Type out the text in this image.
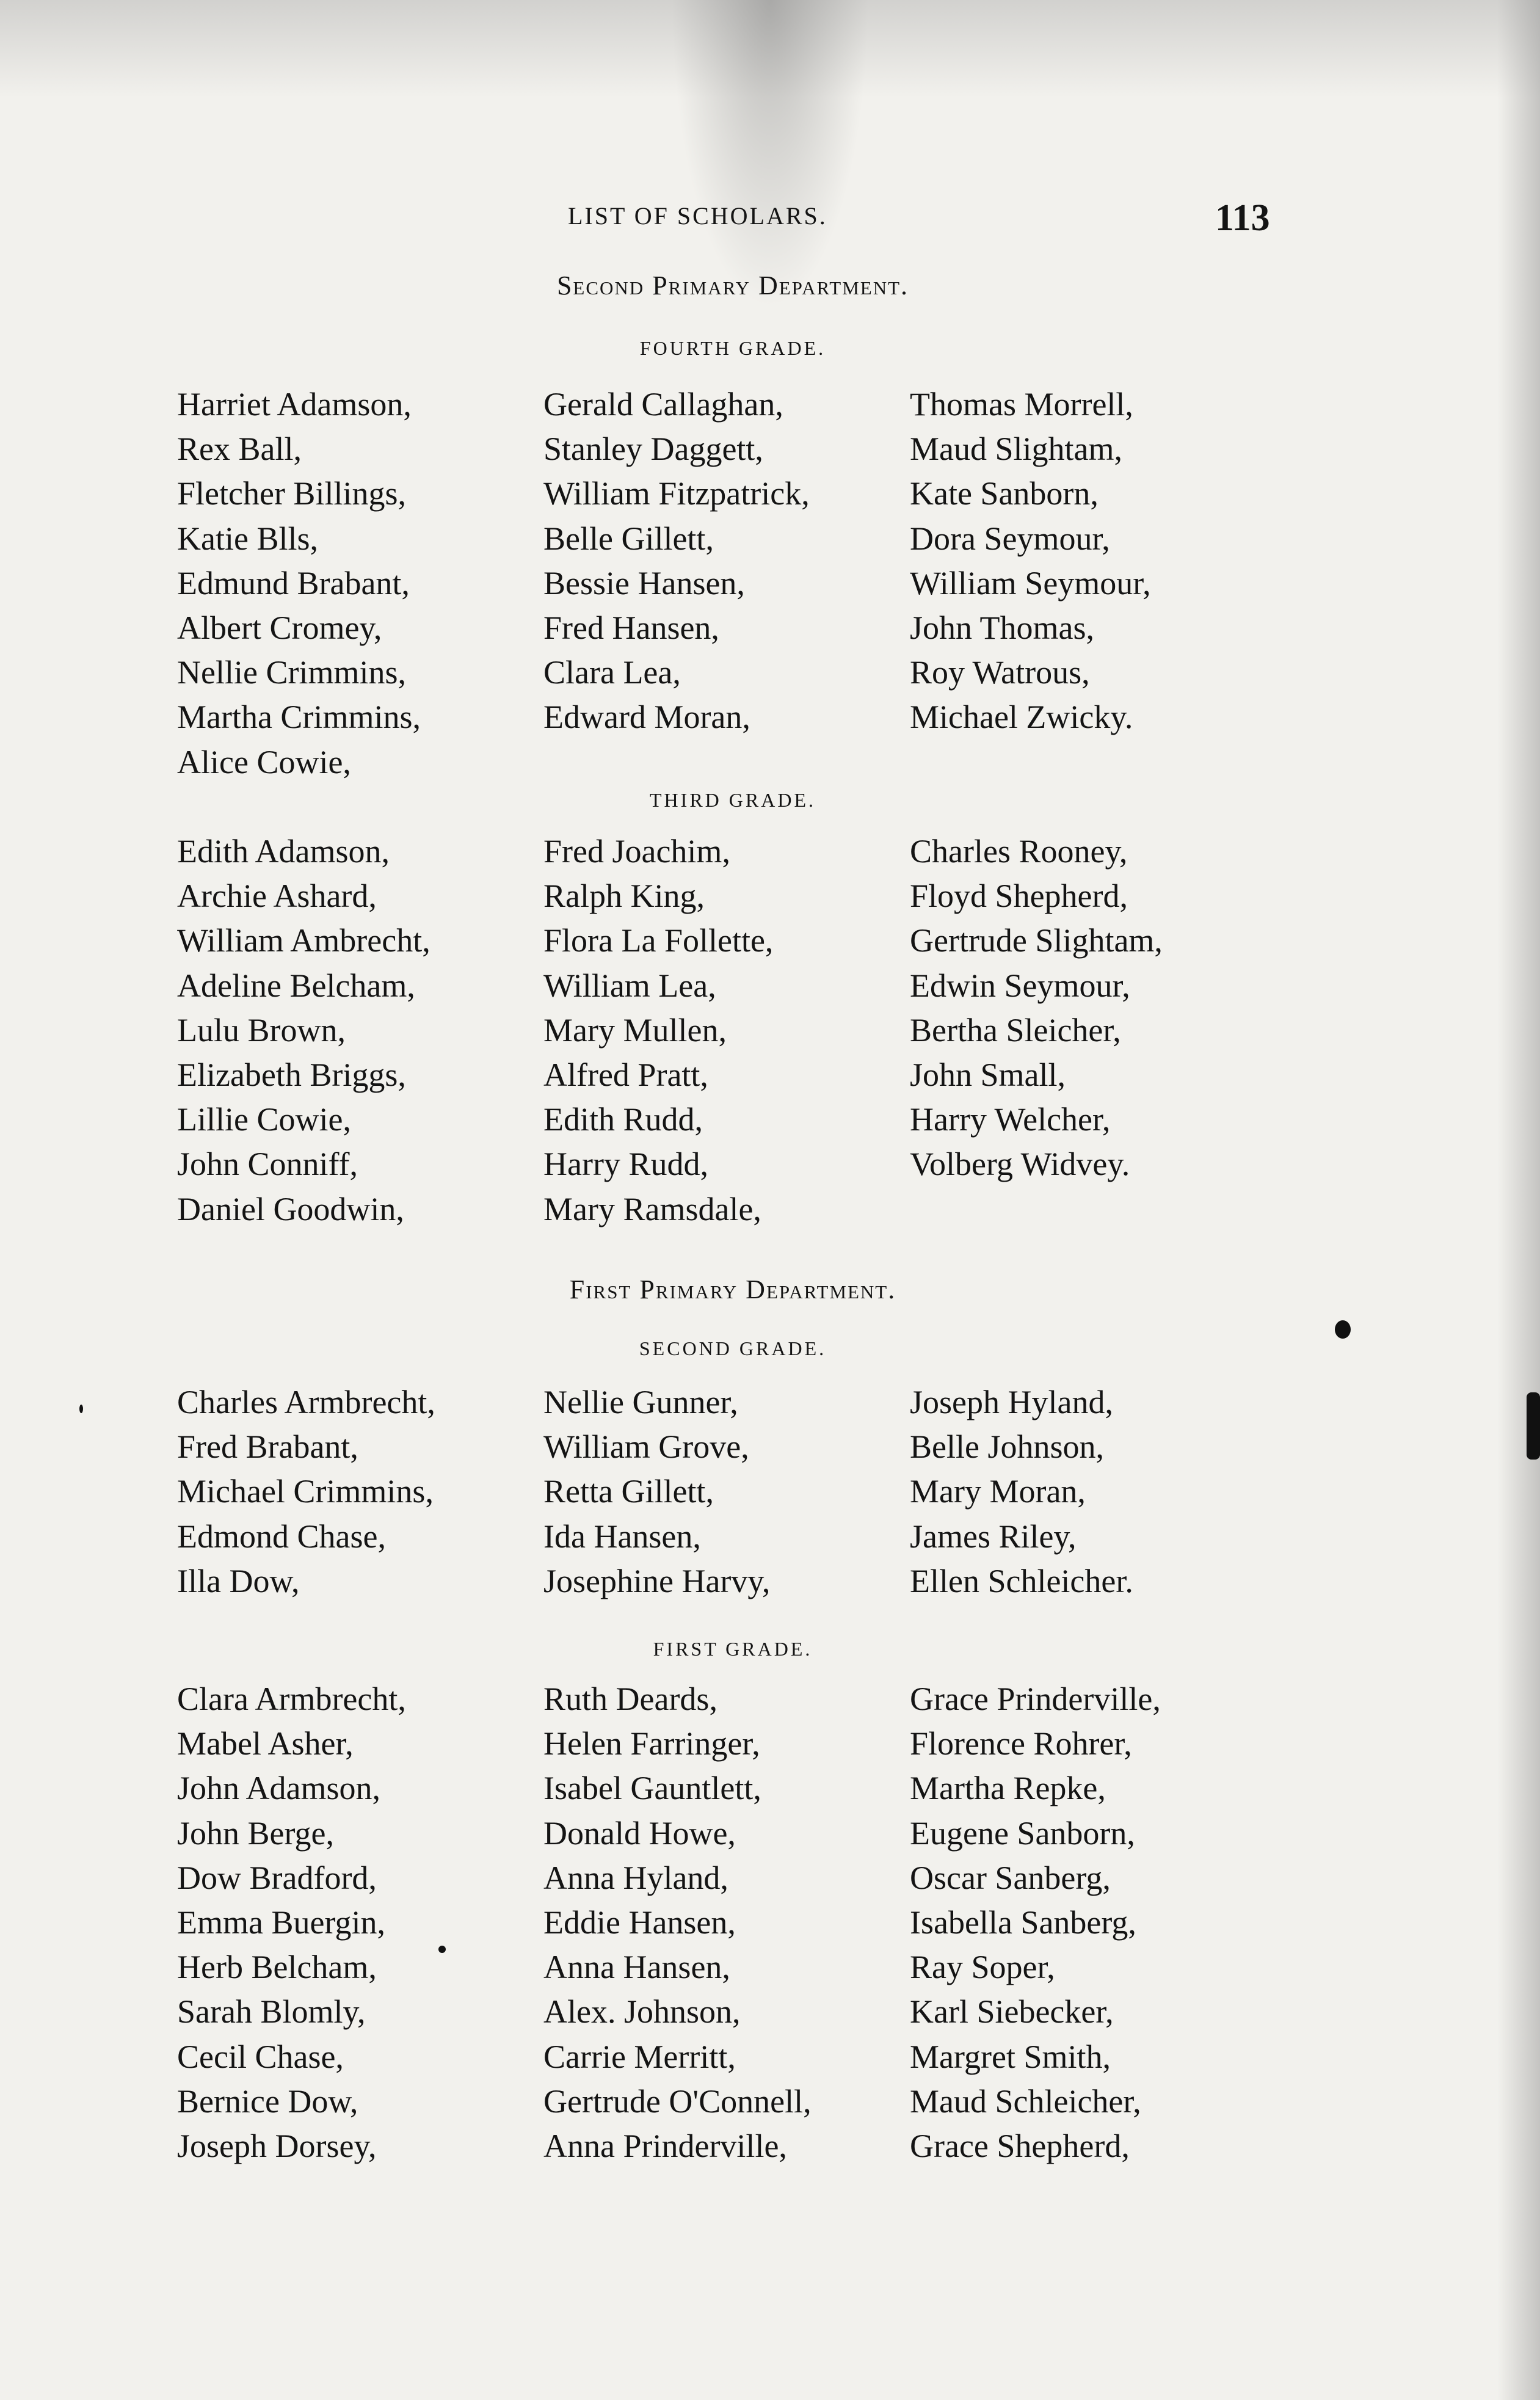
LIST OF SCHOLARS.	113
Second Primary Department.
FOURTH GRADE.
Harriet Adamson,
Rex Ball,
Fletcher Billings,
Katie Blls,
Edmund Brabant,
Albert Cromey,
Nellie Crimmins,
Martha Crimmins,
Alice Cowie,
Gerald Callaghan,
Stanley Daggett,
William Fitzpatrick,
Belle Gillett,
Bessie Hansen,
Fred Hansen,
Clara Lea,
Edward Moran,
Thomas Morrell,
Maud Slightam,
Kate Sanborn,
Dora Seymour,
William Seymour,
John Thomas,
Roy Watrous,
Michael Zwicky.
THIRD GRADE.
Edith Adamson,
Archie Ashard,
William Ambrecht,
Adeline Belcham,
Lulu Brown,
Elizabeth Briggs,
Lillie Cowie,
John Conniff,
Daniel Goodwin,
Fred Joachim,
Ralph King,
Flora La Follette,
William Lea,
Mary Mullen,
Alfred Pratt,
Edith Rudd,
Harry Rudd,
Mary Ramsdale,
Charles Rooney,
Floyd Shepherd,
Gertrude Slightam,
Edwin Seymour,
Bertha Sleicher,
John Small,
Harry Welcher,
Volberg Widvey.
First Primary Department.
SECOND GRADE.
Charles Armbrecht,
Fred Brabant,
Michael Crimmins,
Edmond Chase,
Illa Dow,
Nellie Gunner,
William Grove,
Retta Gillett,
Ida Hansen,
Josephine Harvy,
Joseph Hyland,
Belle Johnson,
Mary Moran,
James Riley,
Ellen Schleicher.
FIRST GRADE.
Clara Armbrecht,
Mabel Asher,
John Adamson,
John Berge,
Dow Bradford,
Emma Buergin,
Herb Belcham,
Sarah Blomly,
Cecil Chase,
Bernice Dow,
Joseph Dorsey,
Ruth Deards,
Helen Farringer,
Isabel Gauntlett,
Donald Howe,
Anna Hyland,
Eddie Hansen,
Anna Hansen,
Alex. Johnson,
Carrie Merritt,
Gertrude O'Connell,
Anna Prinderville,
Grace Prinderville,
Florence Rohrer,
Martha Repke,
Eugene Sanborn,
Oscar Sanberg,
Isabella Sanberg,
Ray Soper,
Karl Siebecker,
Margret Smith,
Maud Schleicher,
Grace Shepherd,
